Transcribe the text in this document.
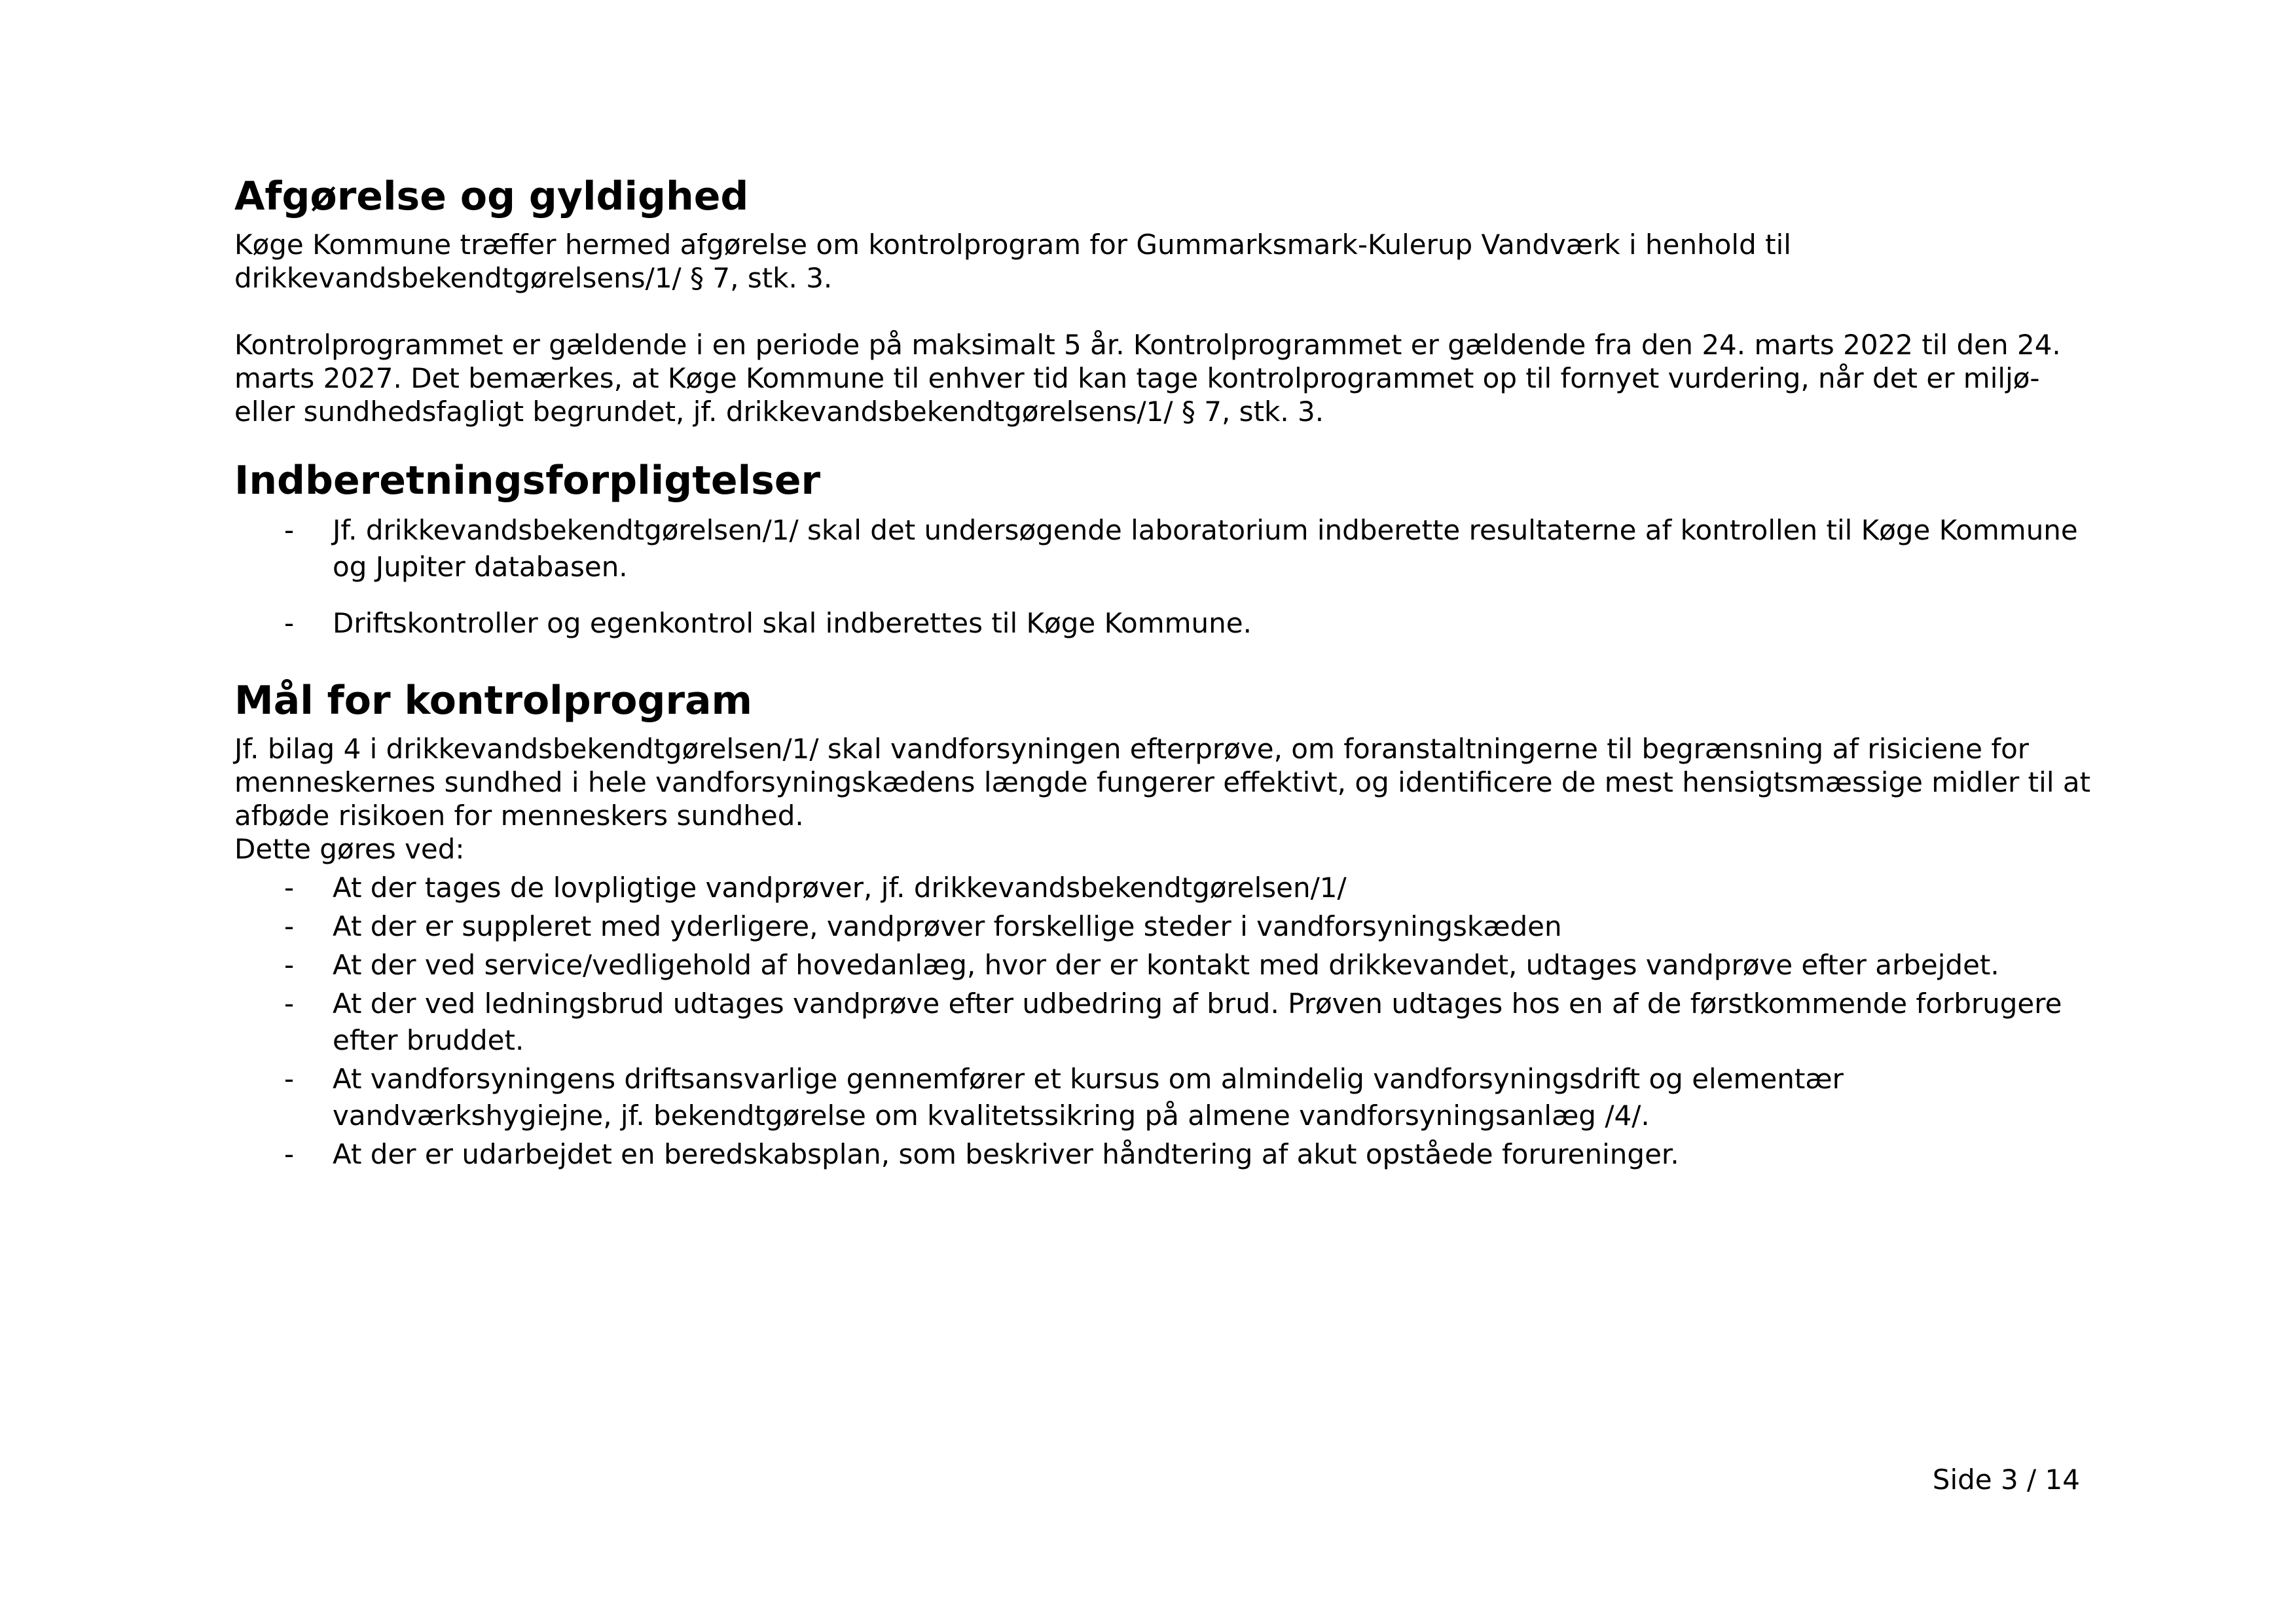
Afgørelse og gyldighed

Køge Kommune træffer hermed afgørelse om kontrolprogram for Gummarksmark-Kulerup Vandværk i henhold til drikkevandsbekendtgørelsens/1/ § 7, stk. 3.

Kontrolprogrammet er gældende i en periode på maksimalt 5 år. Kontrolprogrammet er gældende fra den 24. marts 2022 til den 24. marts 2027. Det bemærkes, at Køge Kommune til enhver tid kan tage kontrolprogrammet op til fornyet vurdering, når det er miljø- eller sundhedsfagligt begrundet, jf. drikkevandsbekendtgørelsens/1/ § 7, stk. 3.

Indberetningsforpligtelser
- Jf. drikkevandsbekendtgørelsen/1/ skal det undersøgende laboratorium indberette resultaterne af kontrollen til Køge Kommune og Jupiter databasen.
- Driftskontroller og egenkontrol skal indberettes til Køge Kommune.
Mål for kontrolprogram

Jf. bilag 4 i drikkevandsbekendtgørelsen/1/ skal vandforsyningen efterprøve, om foranstaltningerne til begrænsning af risiciene for menneskernes sundhed i hele vandforsyningskædens længde fungerer effektivt, og identificere de mest hensigtsmæssige midler til at afbøde risikoen for menneskers sundhed.

Dette gøres ved:

- At der tages de lovpligtige vandprøver, jf. drikkevandsbekendtgørelsen/1/
- At der er suppleret med yderligere, vandprøver forskellige steder i vandforsyningskæden
- At der ved service/vedligehold af hovedanlæg, hvor der er kontakt med drikkevandet, udtages vandprøve efter arbejdet.
- At der ved ledningsbrud udtages vandprøve efter udbedring af brud. Prøven udtages hos en af de førstkommende forbrugere efter bruddet.
- At vandforsyningens driftsansvarlige gennemfører et kursus om almindelig vandforsyningsdrift og elementær vandværkshygiejne, jf. bekendtgørelse om kvalitetssikring på almene vandforsyningsanlæg /4/.
- At der er udarbejdet en beredskabsplan, som beskriver håndtering af akut opståede forureninger.
Side 3 / 14
